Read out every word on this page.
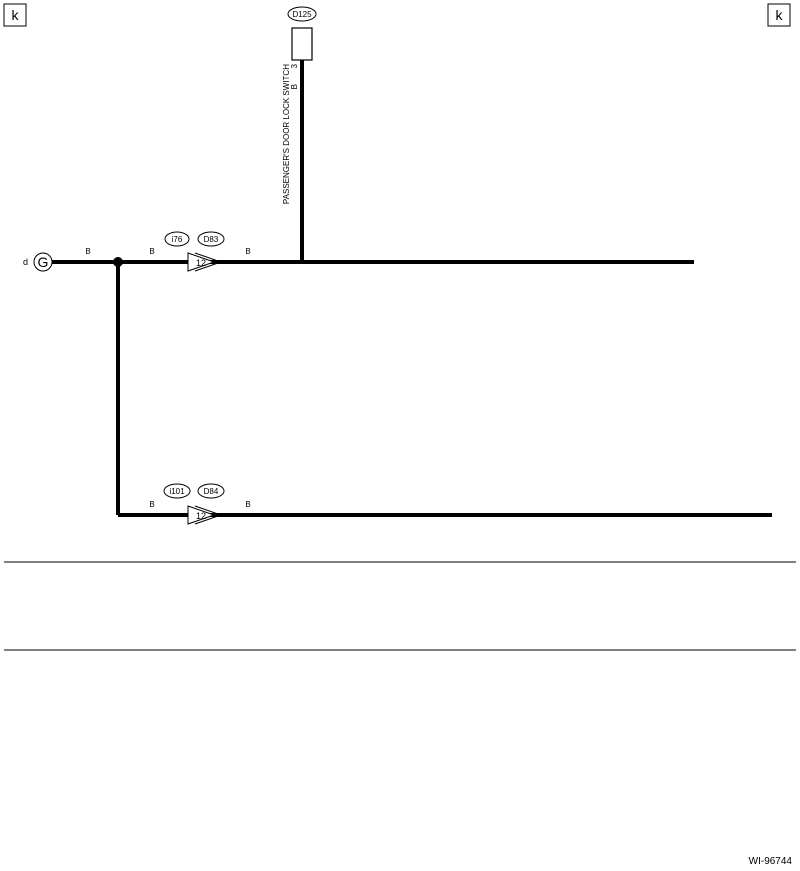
k	k
d G
B	B	B
B	B
i76	D83
12
i101 D84
12
D125
3
B
PASSENGER'S DOOR LOCK SWITCH
WI-96744
